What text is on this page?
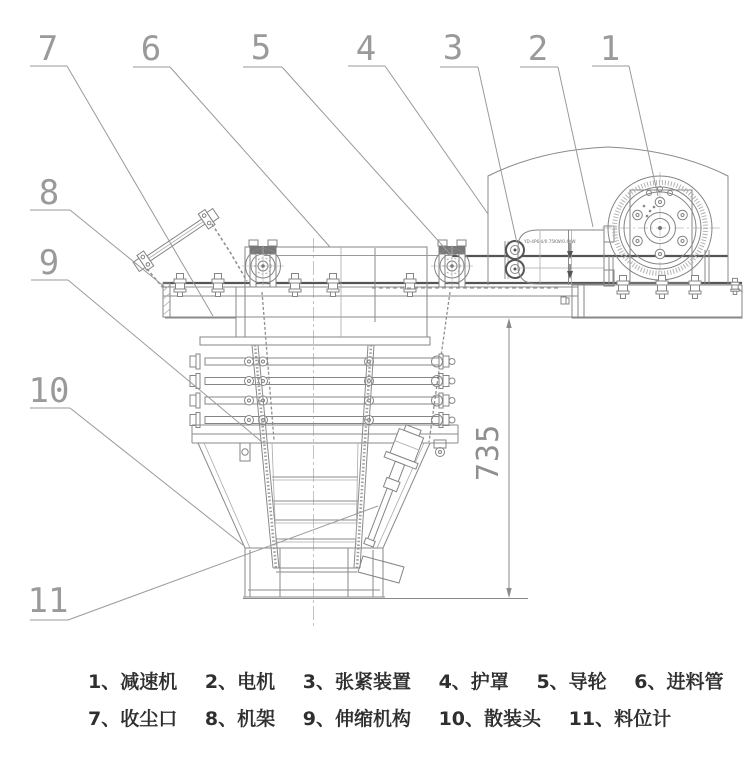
YD-4P6-4/0.75KW/0.4KW
735
1
2
3
4
5
6
7
8
9
10
11
1、减速机 2、电机 3、张紧装置 4、护罩 5、导轮 6、进料管
7、收尘口 8、机架 9、伸缩机构 10、散装头 11、料位计
